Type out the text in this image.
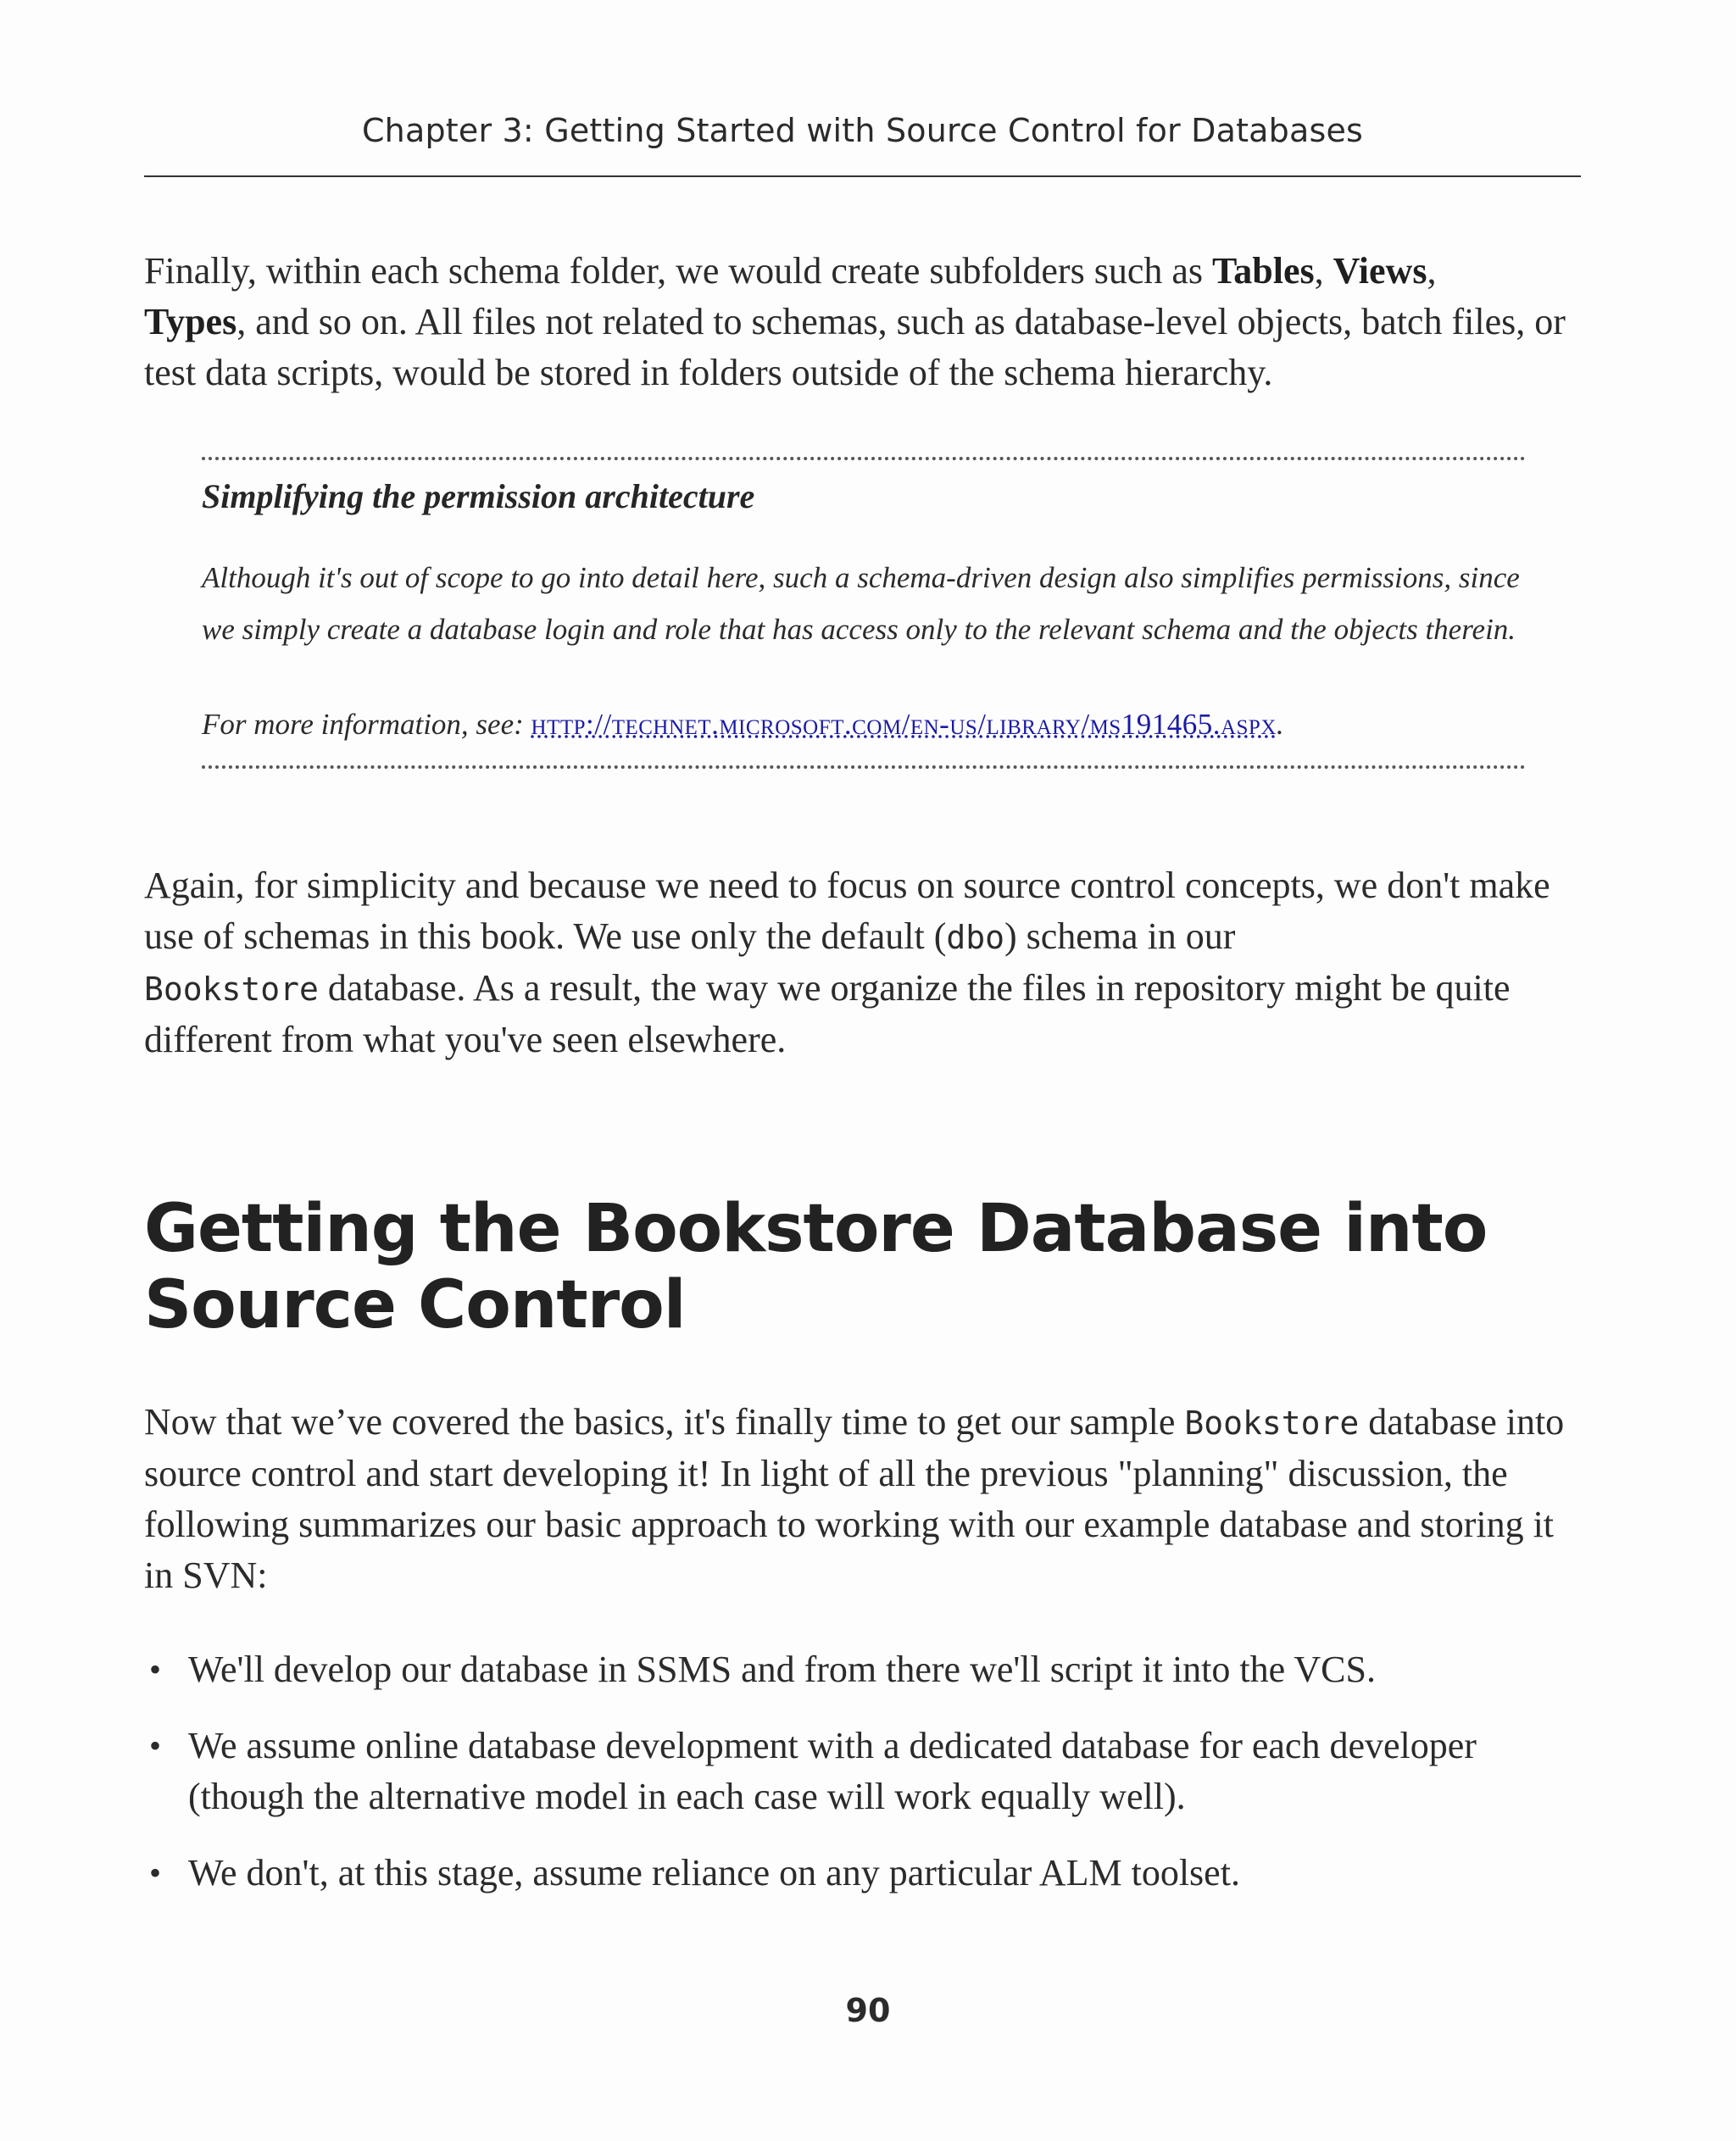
Chapter 3: Getting Started with Source Control for Databases

Finally, within each schema folder, we would create subfolders such as Tables, Views,
Types, and so on. All files not related to schemas, such as database-level objects, batch files, or test data scripts, would be stored in folders outside of the schema hierarchy.

Simplifying the permission architecture

Although it's out of scope to go into detail here, such a schema-driven design also simplifies permissions, since we simply create a database login and role that has access only to the relevant schema and the objects therein.

For more information, see: http://technet.microsoft.com/en-us/library/ms191465.aspx.

Again, for simplicity and because we need to focus on source control concepts, we don't make use of schemas in this book. We use only the default (dbo) schema in our
Bookstore database. As a result, the way we organize the files in repository might be quite different from what you've seen elsewhere.

Getting the Bookstore Database into Source Control

Now that we’ve covered the basics, it's finally time to get our sample Bookstore database into source control and start developing it! In light of all the previous "planning" discussion, the following summarizes our basic approach to working with our example database and storing it in SVN:

• We'll develop our database in SSMS and from there we'll script it into the VCS.
• We assume online database development with a dedicated database for each developer (though the alternative model in each case will work equally well).
• We don't, at this stage, assume reliance on any particular ALM toolset.
90
